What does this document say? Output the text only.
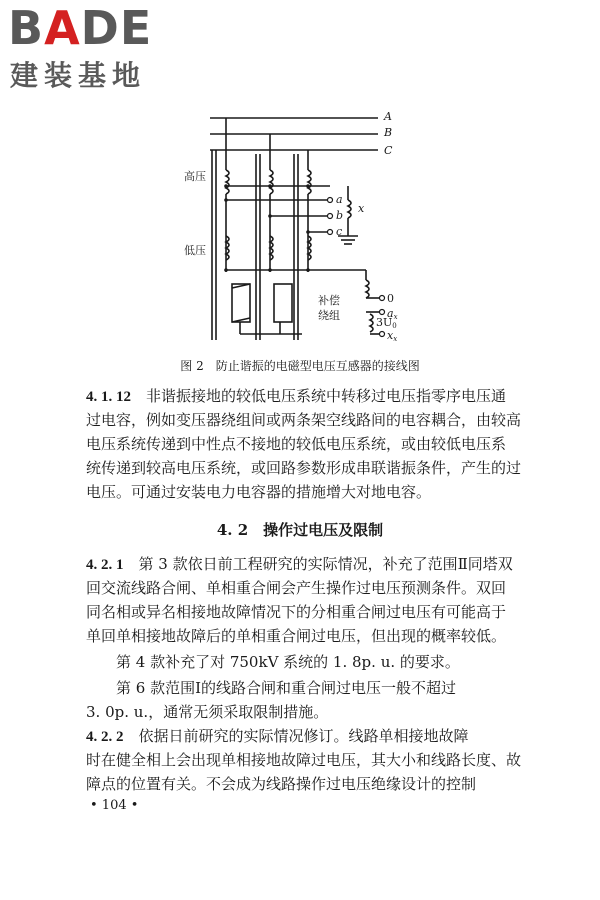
BADE
建装基地
A
B
C
a
b
c
x
ax
xx
高压
低压
补偿
绕组
0
3U0
图 2　防止谐振的电磁型电压互感器的接线图
4. 1. 12　 非谐振接地的较低电压系统中转移过电压指零序电压通
过电容，例如变压器绕组间或两条架空线路间的电容耦合，由较高
电压系统传递到中性点不接地的较低电压系统，或由较低电压系
统传递到较高电压系统，或回路参数形成串联谐振条件，产生的过
电压。可通过安装电力电容器的措施增大对地电容。
4. 2　 操作过电压及限制
4. 2. 1　 第 3 款依日前工程研究的实际情况，补充了范围Ⅱ同塔双
回交流线路合闸、单相重合闸会产生操作过电压预测条件。双回
同名相或异名相接地故障情况下的分相重合闸过电压有可能高于
单回单相接地故障后的单相重合闸过电压，但出现的概率较低。
第 4 款补充了对 750kV 系统的 1. 8p. u. 的要求。
第 6 款范围Ⅰ的线路合闸和重合闸过电压一般不超过
3. 0p. u.，通常无须采取限制措施。
4. 2. 2　 依据日前研究的实际情况修订。线路单相接地故障
时在健全相上会出现单相接地故障过电压，其大小和线路长度、故
障点的位置有关。不会成为线路操作过电压绝缘设计的控制
• 104 •
